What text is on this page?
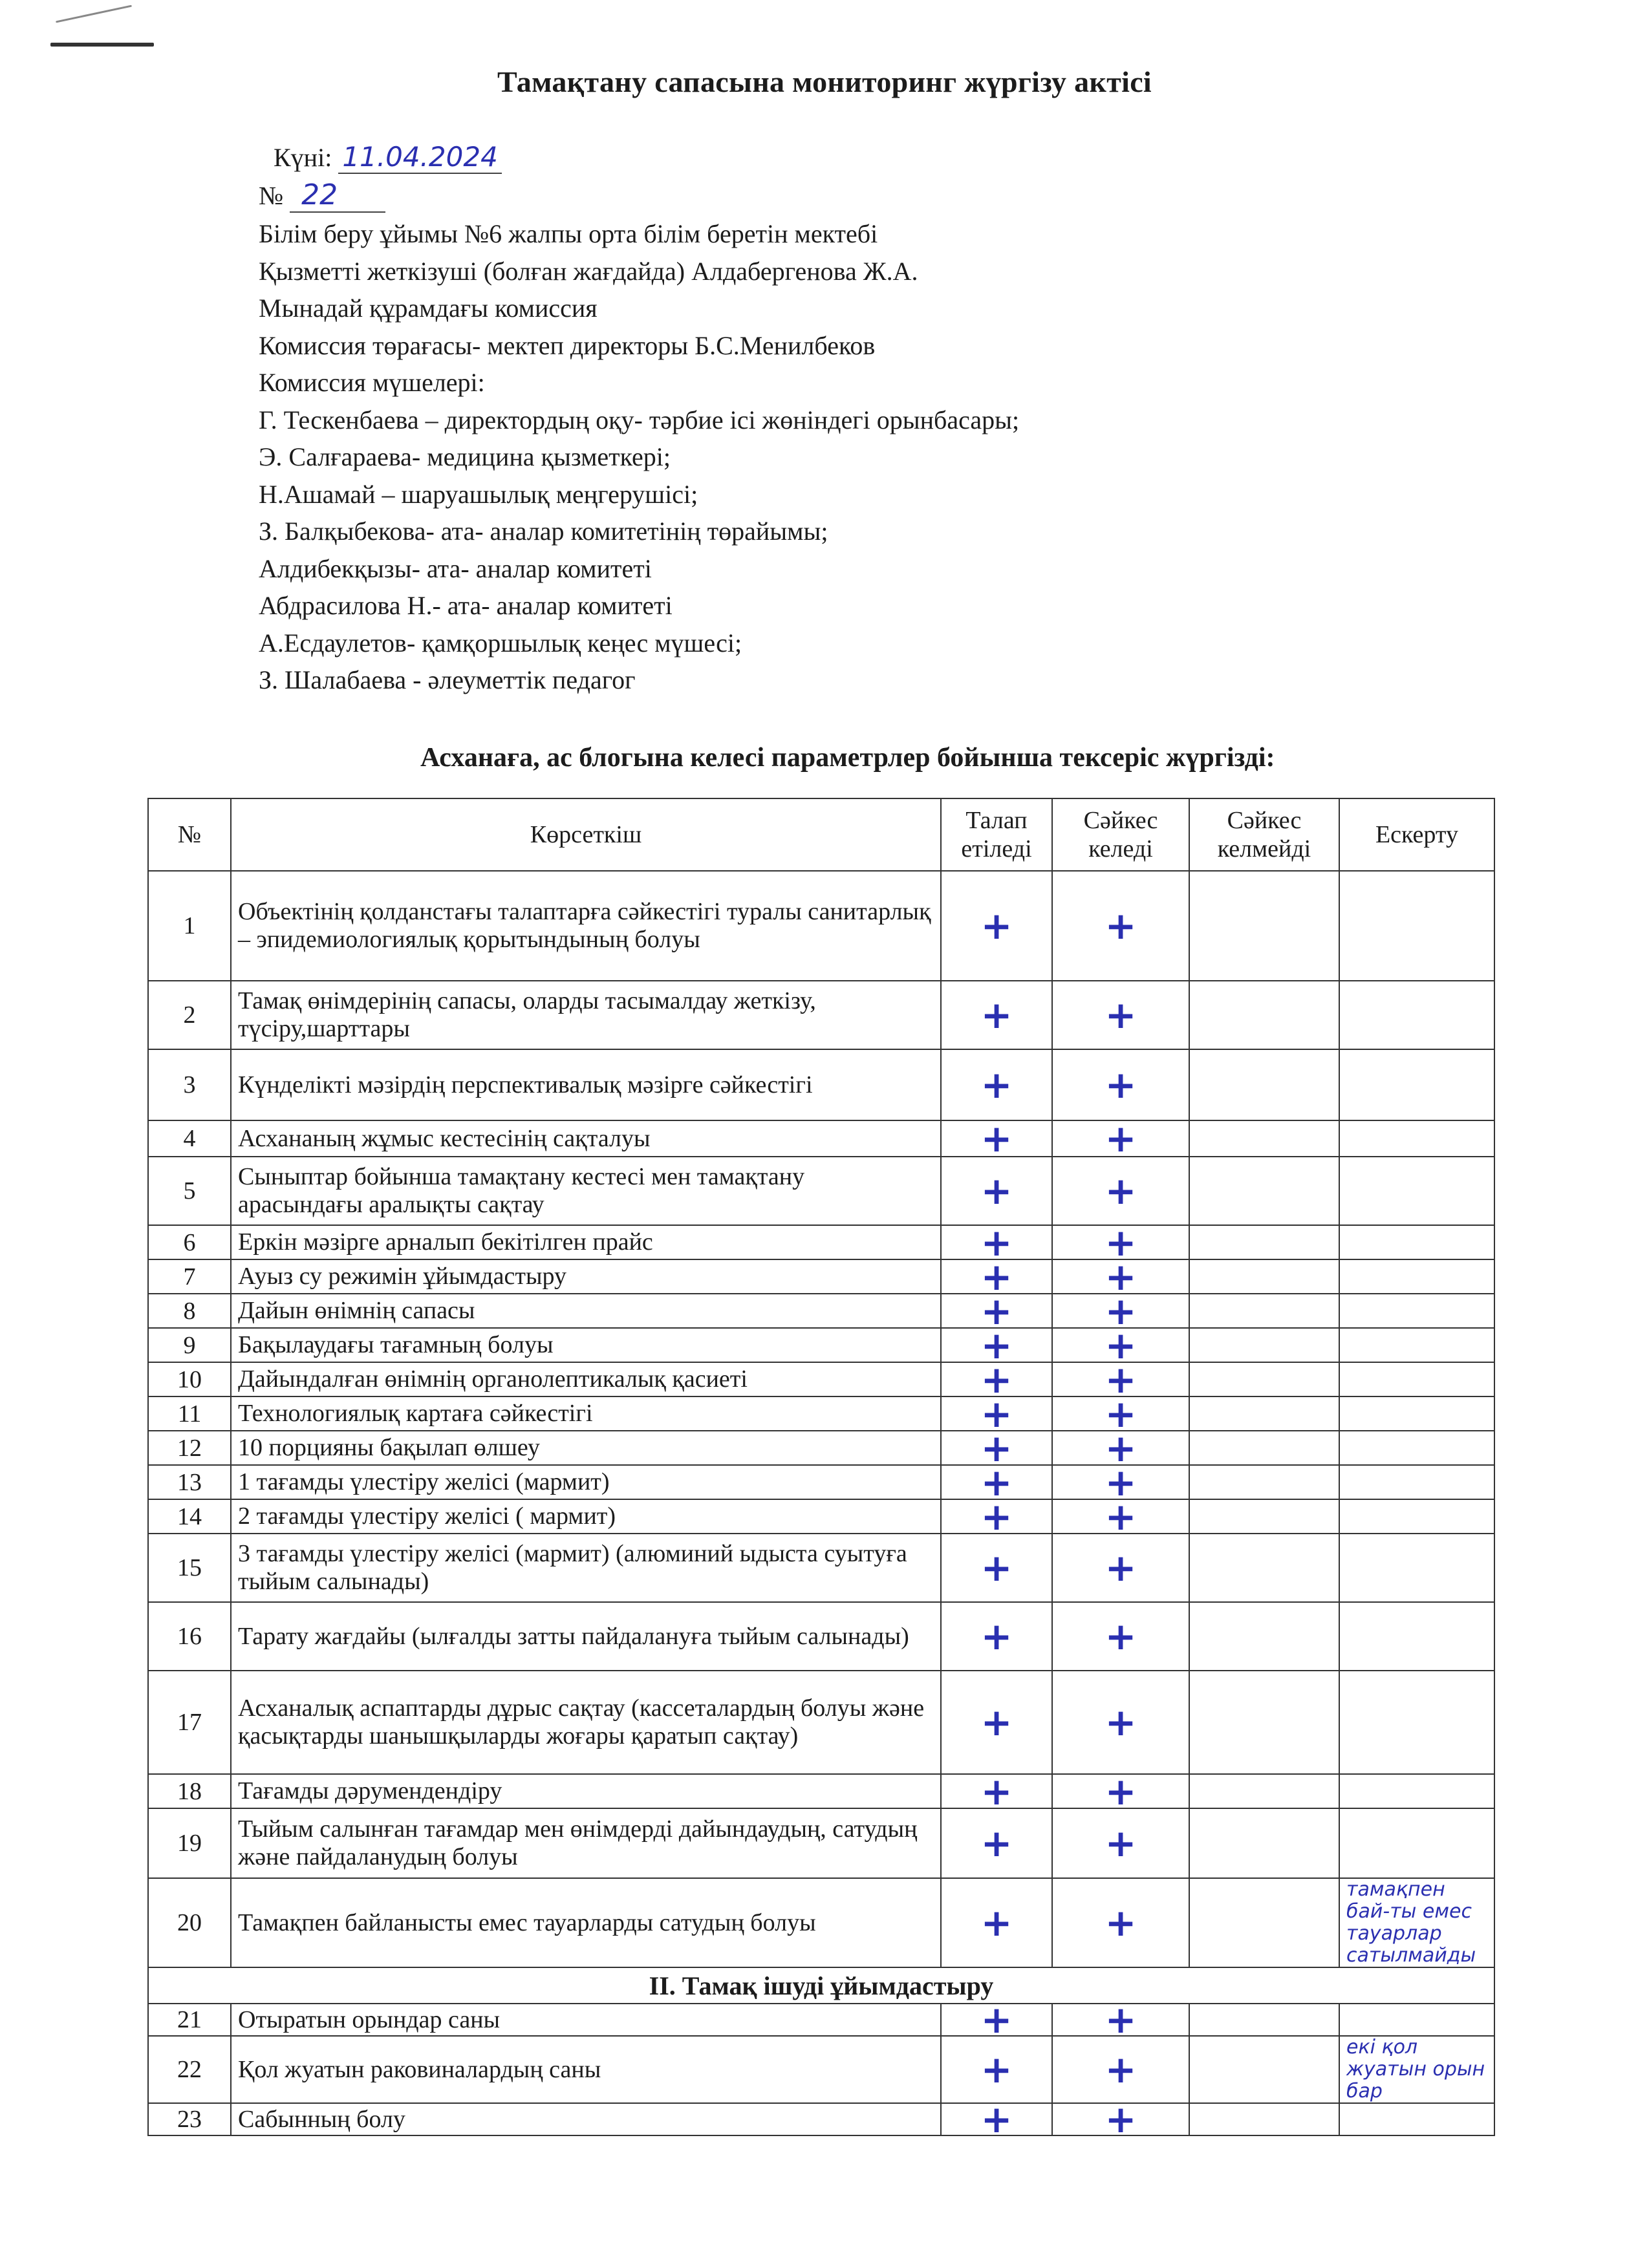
Тамақтану сапасына мониторинг жүргізу актісі
Күні: 11.04.2024
№ 22
Білім беру ұйымы №6 жалпы орта білім беретін мектебі
Қызметті жеткізуші (болған жағдайда) Алдабергенова Ж.А.
Мынадай құрамдағы комиссия
Комиссия төрағасы- мектеп директоры Б.С.Менилбеков
Комиссия мүшелері:
Г. Тескенбаева – директордың оқу- тәрбие ісі жөніндегі орынбасары;
Э. Салғараева- медицина қызметкері;
Н.Ашамай – шаруашылық меңгерушісі;
З. Балқыбекова- ата- аналар комитетінің төрайымы;
Алдибекқызы- ата- аналар комитеті
Абдрасилова Н.- ата- аналар комитеті
А.Есдаулетов- қамқоршылық кеңес мүшесі;
З. Шалабаева - әлеуметтік педагог
Асханаға, ас блогына келесі параметрлер бойынша тексеріс жүргізді:
№	Көрсеткіш	Талап етіледі	Сәйкес келеді	Сәйкес келмейді	Ескерту
1	Объектінің қолданстағы талаптарға сәйкестігі туралы санитарлық – эпидемиологиялық қорытындының болуы	+	+		

2	Тамақ өнімдерінің сапасы, оларды тасымалдау жеткізу, түсіру,шарттары	+	+		

3	Күнделікті мәзірдің перспективалық мәзірге сәйкестігі	+	+		

4	Асхананың жұмыс кестесінің сақталуы	+	+		

5	Сыныптар бойынша тамақтану кестесі мен тамақтану арасындағы аралықты сақтау	+	+		

6	Еркін мәзірге арналып бекітілген прайс	+	+		

7	Ауыз су режимін ұйымдастыру	+	+		

8	Дайын өнімнің сапасы	+	+		

9	Бақылаудағы тағамның болуы	+	+		

10	Дайындалған өнімнің органолептикалық қасиеті	+	+		

11	Технологиялық картаға сәйкестігі	+	+		

12	10 порцияны бақылап өлшеу	+	+		

13	1 тағамды үлестіру желісі (мармит)	+	+		

14	2 тағамды үлестіру желісі ( мармит)	+	+		

15	3 тағамды үлестіру желісі (мармит) (алюминий ыдыста суытуға тыйым салынады)	+	+		

16	Тарату жағдайы (ылғалды затты пайдалануға тыйым салынады)	+	+		

17	Асханалық аспаптарды дұрыс сақтау (кассеталардың болуы және қасықтарды шанышқыларды жоғары қаратып сақтау)	+	+		

18	Тағамды дәрумендендіру	+	+		

19	Тыйым салынған тағамдар мен өнімдерді дайындаудың, сатудың және пайдаланудың болуы	+	+		

20	Тамақпен байланысты емес тауарларды сатудың болуы	+	+		тамақпен бай-ты емес тауарлар сатылмайды

ІІ. Тамақ ішуді ұйымдастыру					
21	Отыратын орындар саны	+	+		

22	Қол жуатын раковиналардың саны	+	+		екі қол жуатын орын бар

23	Сабынның болу	+	+		
